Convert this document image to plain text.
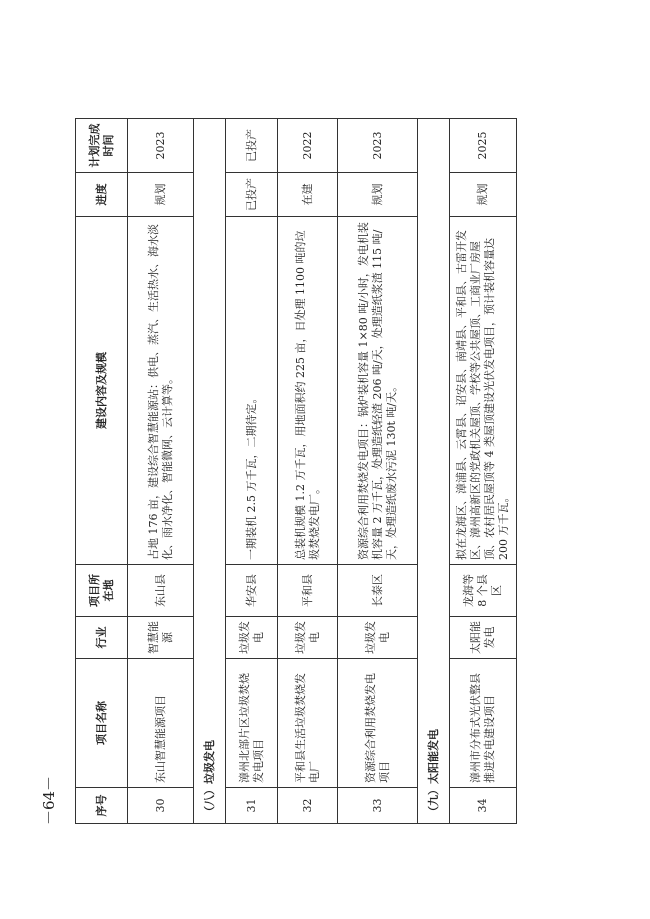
序号	项目名称	行业	项目所在地	建设内容及规模	进度	计划完成时间
30	东山智慧能源项目	智慧能源	东山县	占地 176 亩，建设综合智慧能源站：供电、蒸汽、生活热水、海水淡化、雨水净化、智能微网、云计算等。	规划	2023
（八）垃圾发电						
31	漳州北部片区垃圾焚烧发电项目	垃圾发电	华安县	一期装机 2.5 万千瓦，二期待定。	已投产	已投产
32	平和县生活垃圾焚烧发电厂	垃圾发电	平和县	总装机规模 1.2 万千瓦，用地面积约 225 亩，日处理 1100 吨的垃圾焚烧发电厂。	在建	2022
33	资源综合利用焚烧发电项目	垃圾发电	长泰区	资源综合利用焚烧发电项目：锅炉装机容量 1×80 吨/小时，发电机装机容量 2 万千瓦，处理造纸轻渣 206 吨/天，处理造纸浆渣 115 吨/天，处理造纸废水污泥 130t 吨/天。	规划	2023
（九）太阳能发电						
34	漳州市分布式光伏整县推进发电建设项目	太阳能发电	龙海等 8 个县区	拟在龙海区、漳浦县、云霄县、诏安县、南靖县、平和县、古雷开发区、漳州高新区的党政机关屋顶、学校等公共屋顶、工商业厂房屋顶、农村居民屋顶等 4 类屋顶建设光伏发电项目，预计装机容量达 200 万千瓦。	规划	2025
－64－
